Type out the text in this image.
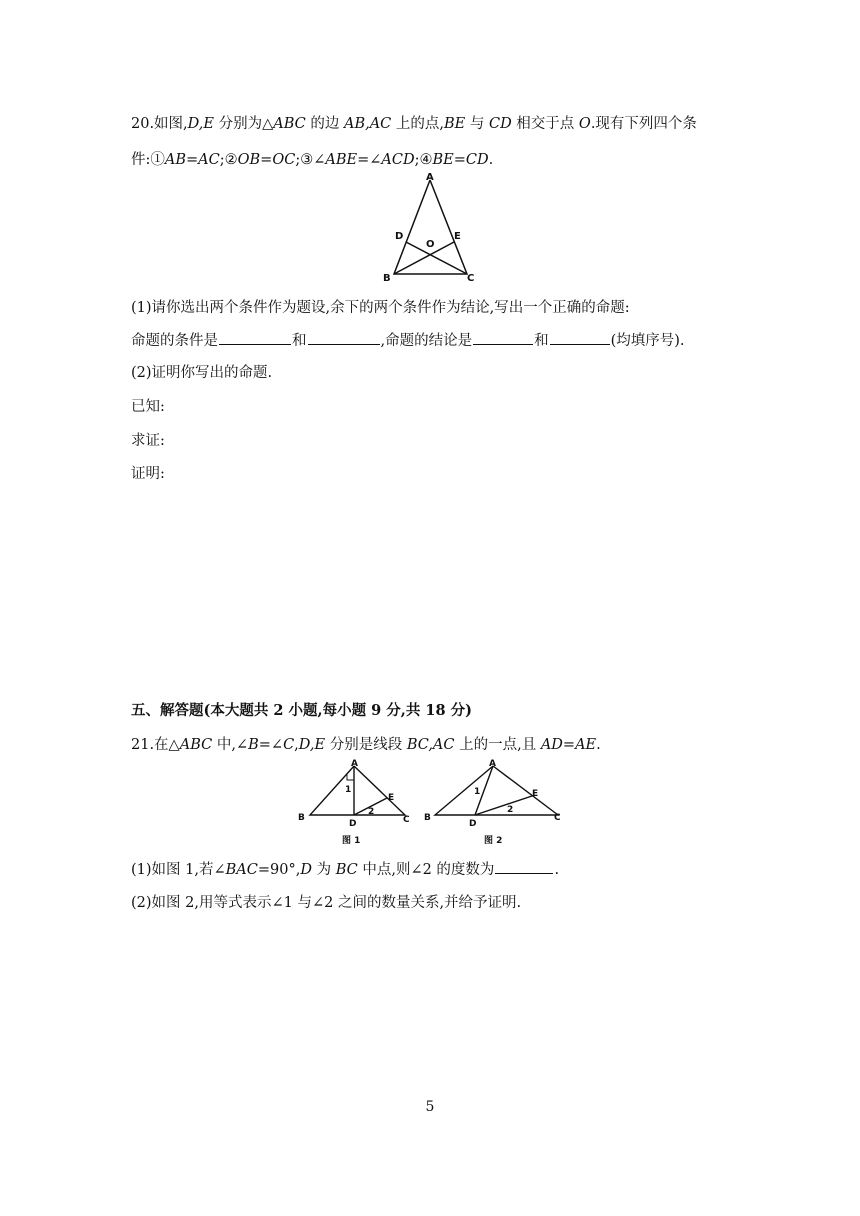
20.如图,D,E 分别为△ABC 的边 AB,AC 上的点,BE 与 CD 相交于点 O.现有下列四个条
件:①AB=AC;②OB=OC;③∠ABE=∠ACD;④BE=CD.
A
D	E
O
B	C
(1)请你选出两个条件作为题设,余下的两个条件作为结论,写出一个正确的命题:
命题的条件是	和	,命题的结论是	和	(均填序号).
(2)证明你写出的命题.
已知:
求证:
证明:
五、解答题(本大题共 2 小题,每小题 9 分,共 18 分)
21.在△ABC 中,∠B=∠C,D,E 分别是线段 BC,AC 上的一点,且 AD=AE.
A
E
B	C
D
1
2
图 1
A
E
B	C
D
1
2
图 2
(1)如图 1,若∠BAC=90°,D 为 BC 中点,则∠2 的度数为	.
(2)如图 2,用等式表示∠1 与∠2 之间的数量关系,并给予证明.
5
